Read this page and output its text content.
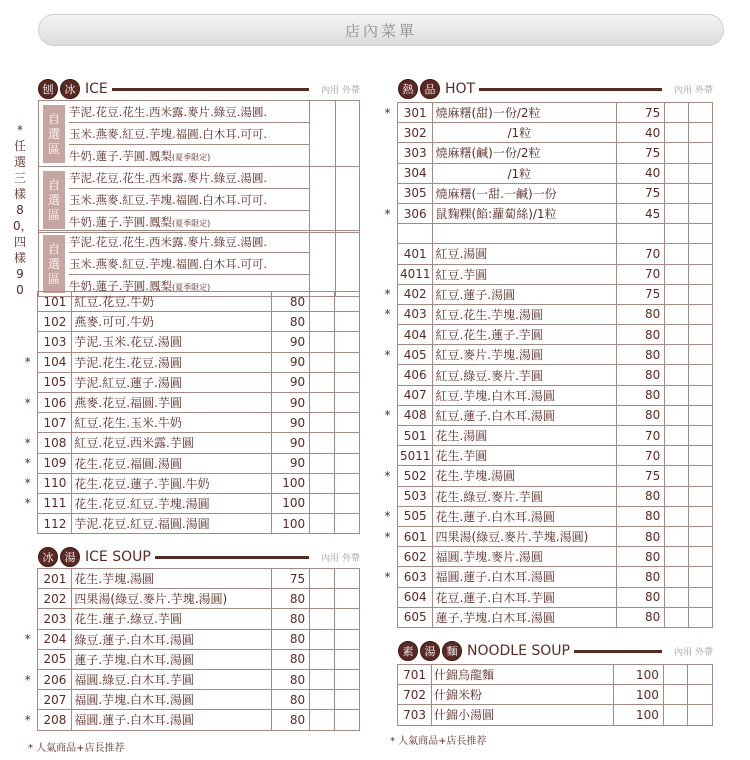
店內菜單
*任選三樣80，四樣90
刨	冰 ICE	內用 外帶
自
選
區
芋泥.花豆.花生.西米露.麥片.綠豆.湯圓.
玉米.燕麥.紅豆.芋塊.福圓.白木耳.可可.
牛奶.蓮子.芋圓.鳳梨(夏季限定)
自
選
區
芋泥.花豆.花生.西米露.麥片.綠豆.湯圓.
玉米.燕麥.紅豆.芋塊.福圓.白木耳.可可.
牛奶.蓮子.芋圓.鳳梨(夏季限定)
自
選
區
芋泥.花豆.花生.西米露.麥片.綠豆.湯圓.
玉米.燕麥.紅豆.芋塊.福圓.白木耳.可可.
牛奶.蓮子.芋圓.鳳梨(夏季限定)
	101	紅豆.花豆.牛奶	80		
	102	燕麥.可可.牛奶	80		
	103	芋泥.玉米.花豆.湯圓	90		
*	104	芋泥.花生.花豆.湯圓	90		
	105	芋泥.紅豆.蓮子.湯圓	90		
*	106	燕麥.花豆.福圓.芋圓	90		
	107	紅豆.花生.玉米.牛奶	90		
*	108	紅豆.花豆.西米露.芋圓	90		
*	109	花生.花豆.福圓.湯圓	90		
*	110	花生.花豆.蓮子.芋圓.牛奶	100		
*	111	花生.花豆.紅豆.芋塊.湯圓	100		
	112	芋泥.花豆.紅豆.福圓.湯圓	100		
冰	湯 ICE SOUP	內用 外帶
	201	花生.芋塊.湯圓	75		
	202	四果湯(綠豆.麥片.芋塊.湯圓)	80		
	203	花生.蓮子.綠豆.芋圓	80		
*	204	綠豆.蓮子.白木耳.湯圓	80		
	205	蓮子.芋塊.白木耳.湯圓	80		
*	206	福圓.綠豆.白木耳.芋圓	80		
	207	福圓.芋塊.白木耳.湯圓	80		
*	208	福圓.蓮子.白木耳.湯圓	80		
* 人氣商品+店長推荐
熱	品 HOT	內用 外帶
*	301	燒麻糬(甜)一份/2粒	75		
	302	　　　　　　/1粒	40		
	303	燒麻糬(鹹)一份/2粒	75		
	304	　　　　　　/1粒	40		
	305	燒麻糬(一甜.一鹹)一份	75		
*	306	鼠麴粿(餡:蘿蔔絲)/1粒	45		

	401	紅豆.湯圓	70		
	4011	紅豆.芋圓	70		
*	402	紅豆.蓮子.湯圓	75		
*	403	紅豆.花生.芋塊.湯圓	80		
	404	紅豆.花生.蓮子.芋圓	80		
*	405	紅豆.麥片.芋塊.湯圓	80		
	406	紅豆.綠豆.麥片.芋圓	80		
	407	紅豆.芋塊.白木耳.湯圓	80		
*	408	紅豆.蓮子.白木耳.湯圓	80		
	501	花生.湯圓	70		
	5011	花生.芋圓	70		
*	502	花生.芋塊.湯圓	75		
	503	花生.綠豆.麥片.芋圓	80		
*	505	花生.蓮子.白木耳.湯圓	80		
*	601	四果湯(綠豆.麥片.芋塊.湯圓)	80		
	602	福圓.芋塊.麥片.湯圓	80		
*	603	福圓.蓮子.白木耳.湯圓	80		
	604	花豆.蓮子.白木耳.芋圓	80		
	605	蓮子.芋塊.白木耳.湯圓	80		
素	湯	麵 NOODLE SOUP	內用 外帶
	701	什錦烏龍麵	100		
	702	什錦米粉	100		
	703	什錦小湯圓	100		
* 人氣商品+店長推荐
